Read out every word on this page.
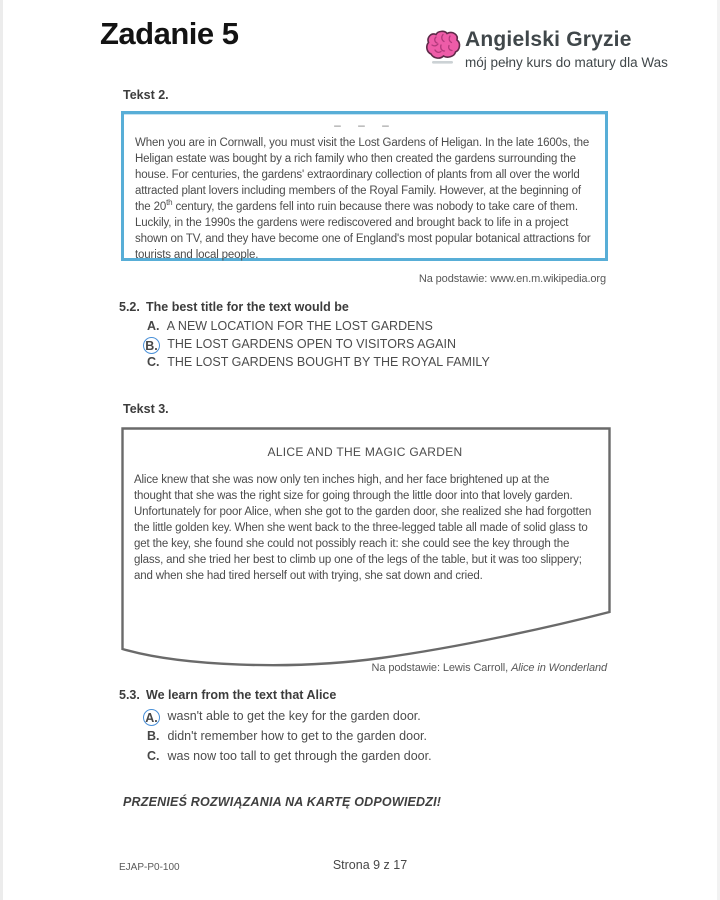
Zadanie 5	Angielski Gryzie
mój pełny kurs do matury dla Was
Tekst 2.
– – –

When you are in Cornwall, you must visit the Lost Gardens of Heligan. In the late 1600s, the Heligan estate was bought by a rich family who then created the gardens surrounding the house. For centuries, the gardens' extraordinary collection of plants from all over the world attracted plant lovers including members of the Royal Family. However, at the beginning of the 20th century, the gardens fell into ruin because there was nobody to take care of them. Luckily, in the 1990s the gardens were rediscovered and brought back to life in a project shown on TV, and they have become one of England's most popular botanical attractions for tourists and local people.

Na podstawie: www.en.m.wikipedia.org
5.2. The best title for the text would be
A. A NEW LOCATION FOR THE LOST GARDENS
B. THE LOST GARDENS OPEN TO VISITORS AGAIN
C. THE LOST GARDENS BOUGHT BY THE ROYAL FAMILY
Tekst 3.
ALICE AND THE MAGIC GARDEN

Alice knew that she was now only ten inches high, and her face brightened up at the thought that she was the right size for going through the little door into that lovely garden.

Unfortunately for poor Alice, when she got to the garden door, she realized she had forgotten the little golden key. When she went back to the three-legged table all made of solid glass to get the key, she found she could not possibly reach it: she could see the key through the glass, and she tried her best to climb up one of the legs of the table, but it was too slippery; and when she had tired herself out with trying, she sat down and cried.

Na podstawie: Lewis Carroll, Alice in Wonderland
5.3. We learn from the text that Alice
A. wasn't able to get the key for the garden door.
B. didn't remember how to get to the garden door.
C. was now too tall to get through the garden door.
PRZENIEŚ ROZWIĄZANIA NA KARTĘ ODPOWIEDZI!
EJAP-P0-100	Strona 9 z 17
